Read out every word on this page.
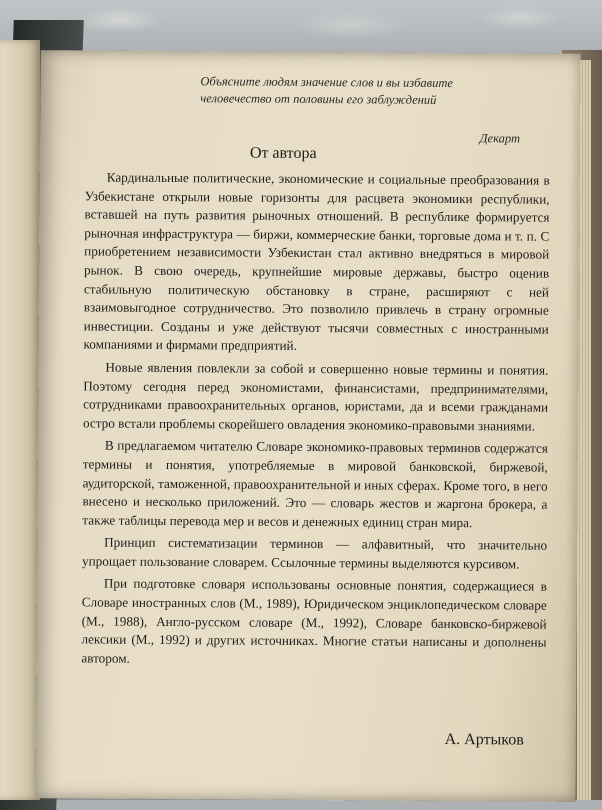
Объясните людям значение слов и вы избавите
человечество от половины его заблуждений
Декарт
От автора

Кардинальные политические, экономические и социальные преобразования в Узбекистане открыли новые горизонты для расцвета экономики республики, вставшей на путь развития рыночных отношений. В республике формируется рыночная инфраструктура — биржи, коммерческие банки, торговые дома и т. п. С приобретением независимости Узбекистан стал активно внедряться в мировой рынок. В свою очередь, крупнейшие мировые державы, быстро оценив стабильную политическую обстановку в стране, расширяют с ней взаимовыгодное сотрудничество. Это позволило привлечь в страну огромные инвестиции. Созданы и уже действуют тысячи совместных с иностранными компаниями и фирмами предприятий.

Новые явления повлекли за собой и совершенно новые термины и понятия. Поэтому сегодня перед экономистами, финансистами, предпринимателями, сотрудниками правоохранительных органов, юристами, да и всеми гражданами остро встали проблемы скорейшего овладения экономико-правовыми знаниями.

В предлагаемом читателю Словаре экономико-правовых терминов содержатся термины и понятия, употребляемые в мировой банковской, биржевой, аудиторской, таможенной, правоохранительной и иных сферах. Кроме того, в него внесено и несколько приложений. Это — словарь жестов и жаргона брокера, а также таблицы перевода мер и весов и денежных единиц стран мира.

Принцип систематизации терминов — алфавитный, что значительно упрощает пользование словарем. Ссылочные термины выделяются курсивом.

При подготовке словаря использованы основные понятия, содержащиеся в Словаре иностранных слов (М., 1989), Юридическом энциклопедическом словаре (М., 1988), Англо-русском словаре (М., 1992), Словаре банковско-биржевой лексики (М., 1992) и других источниках. Многие статьи написаны и дополнены автором.

А. Артыков
